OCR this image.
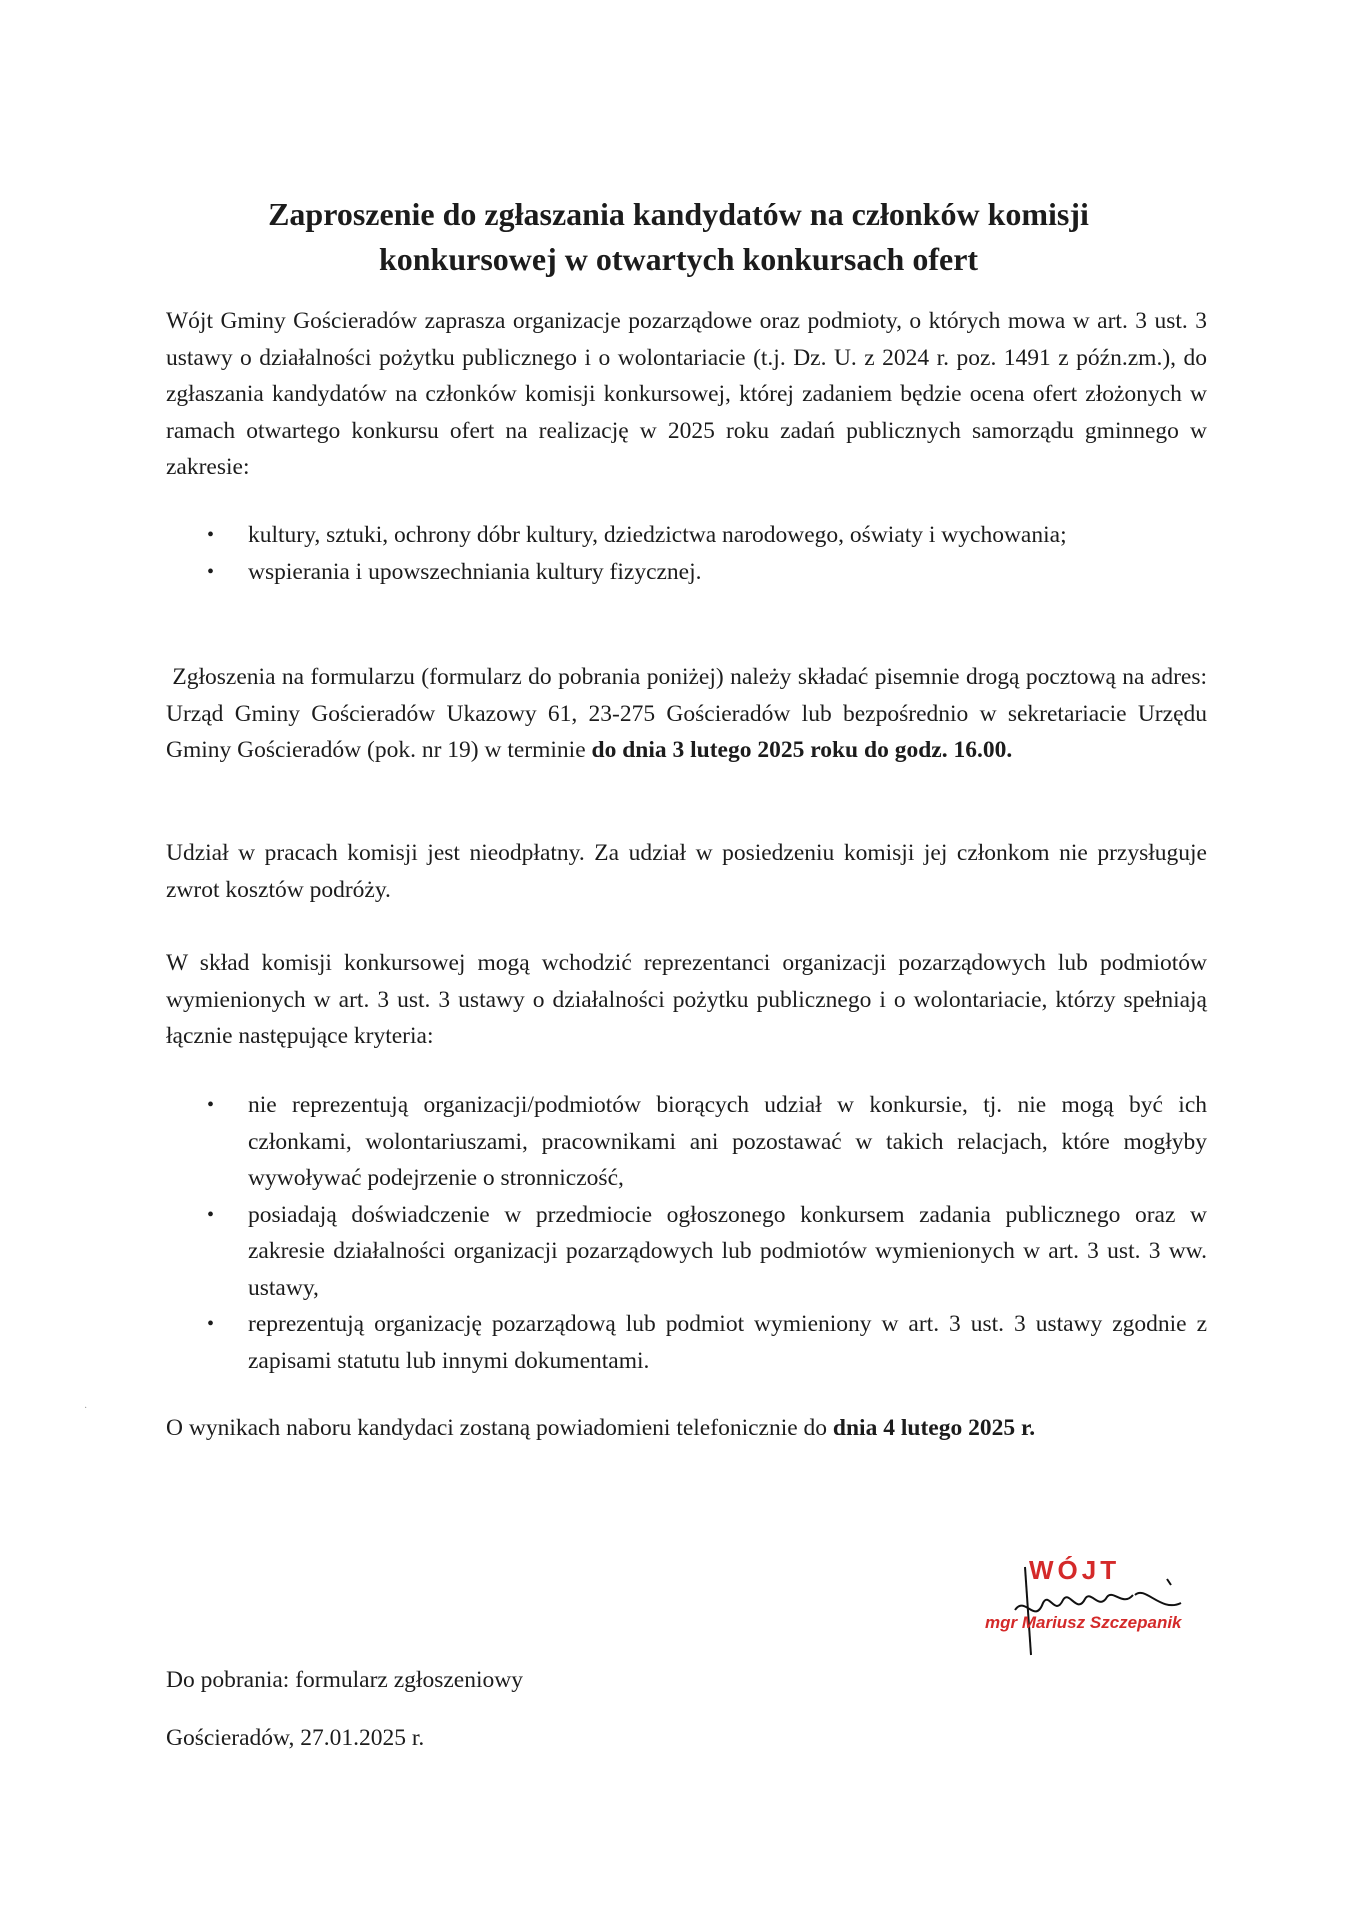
Zaproszenie do zgłaszania kandydatów na członków komisji
konkursowej w otwartych konkursach ofert

Wójt Gminy Gościeradów zaprasza organizacje pozarządowe oraz podmioty, o których mowa w art. 3 ust. 3 ustawy o działalności pożytku publicznego i o wolontariacie (t.j. Dz. U. z 2024 r. poz. 1491 z późn.zm.), do zgłaszania kandydatów na członków komisji konkursowej, której zadaniem będzie ocena ofert złożonych w ramach otwartego konkursu ofert na realizację w 2025 roku zadań publicznych samorządu gminnego w zakresie:

• kultury, sztuki, ochrony dóbr kultury, dziedzictwa narodowego, oświaty i wychowania;
• wspierania i upowszechniania kultury fizycznej.

Zgłoszenia na formularzu (formularz do pobrania poniżej) należy składać pisemnie drogą pocztową na adres: Urząd Gminy Gościeradów Ukazowy 61, 23-275 Gościeradów lub bezpośrednio w sekretariacie Urzędu Gminy Gościeradów (pok. nr 19) w terminie do dnia 3 lutego 2025 roku do godz. 16.00.

Udział w pracach komisji jest nieodpłatny. Za udział w posiedzeniu komisji jej członkom nie przysługuje zwrot kosztów podróży.

W skład komisji konkursowej mogą wchodzić reprezentanci organizacji pozarządowych lub podmiotów wymienionych w art. 3 ust. 3 ustawy o działalności pożytku publicznego i o wolontariacie, którzy spełniają łącznie następujące kryteria:

• nie reprezentują organizacji/podmiotów biorących udział w konkursie, tj. nie mogą być ich członkami, wolontariuszami, pracownikami ani pozostawać w takich relacjach, które mogłyby wywoływać podejrzenie o stronniczość,
• posiadają doświadczenie w przedmiocie ogłoszonego konkursem zadania publicznego oraz w zakresie działalności organizacji pozarządowych lub podmiotów wymienionych w art. 3 ust. 3 ww. ustawy,
• reprezentują organizację pozarządową lub podmiot wymieniony w art. 3 ust. 3 ustawy zgodnie z zapisami statutu lub innymi dokumentami.
·

O wynikach naboru kandydaci zostaną powiadomieni telefonicznie do dnia 4 lutego 2025 r.

WÓJT
mgr Mariusz Szczepanik

Do pobrania: formularz zgłoszeniowy

Gościeradów, 27.01.2025 r.
